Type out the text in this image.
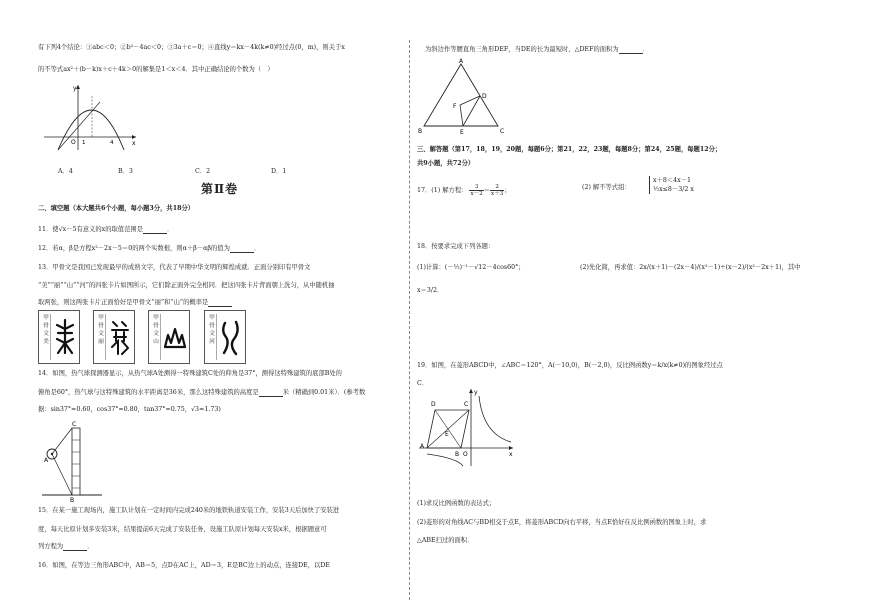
有下列4个结论：①abc＜0；②b²－4ac＜0；③3a＋c＝0；④直线y＝kx－4k(k≠0)经过点(0，m)，则关于x
的不等式ax²＋(b－k)x＋c＋4k＞0的解集是1＜x＜4．其中正确结论的个数为（　）
y
x
O 1	4
A．4	B．3	C．2	D．1
第Ⅱ卷
二、填空题（本大题共6个小题，每小题3分，共18分）
11．使√x－5有意义的x的取值范围是	．
12．若α，β是方程x²－2x－5＝0的两个实数根，则α＋β－αβ的值为	．
13．甲骨文是我国已发现最早的成熟文字，代表了早期中华文明的辉煌成就．正面分别印有甲骨文
“美”“丽”“山”“河”的四张卡片如图所示，它们除正面外完全相同．把这四张卡片背面朝上洗匀，从中随机抽
取两张，则这两张卡片正面恰好是甲骨文“丽”和“山”的概率是
甲骨文美
甲骨文丽
甲骨文山
甲骨文河
14．如图，热气球探测器显示，从热气球A处测得一特殊建筑C处的仰角是37°，测得这特殊建筑的底部B处的
俯角是60°，热气球与这特殊建筑的水平距离是36米，那么这特殊建筑的高度是	米（精确到0.01米）．(参考数
据：sin37°≈0.60，cos37°≈0.80，tan37°≈0.75，√3≈1.73)
C
A
B
15．在某一施工现场内，施工队计划在一定时间内完成240米的地铁轨道安装工作，安装3天后加快了安装进
度，每天比原计划多安装3米，结果提前6天完成了安装任务，设施工队原计划每天安装x米，根据题意可
列方程为	．
16．如图，在等边三角形ABC中，AB＝5，点D在AC上，AD＝3，E是BC边上的动点，连接DE，以DE
为斜边作等腰直角三角形DEF，当DE的长为最短时，△DEF的面积为	．
A
B	C
D
E
F
三、解答题（第17，18，19，20题，每题6分；第21，22，23题，每题8分；第24，25题，每题12分；
共9小题，共72分）
17．(1) 解方程： $\frac{3}{x-2} = \frac{2}{x+3}$ ；	(2) 解不等式组：
x＋8＜4x－1
½x≤8－3/2 x
18．按要求完成下列各题：
(1)计算：(－½)⁻¹－√12－4cos60°；	(2)先化简，再求值：2x/(x＋1)－(2x－4)/(x²－1)÷(x－2)/(x²－2x＋1)，其中
x＝3/2．
19．如图，在菱形ABCD中，∠ABC＝120°，A(－10,0)，B(－2,0)，反比例函数y＝k/x(k≠0)的图象经过点
C．
y
x
A
B
C
D
E
O
(1)求反比例函数的表达式；
(2)菱形的对角线AC与BD相交于点E，将菱形ABCD向右平移，当点E恰好在反比例函数的图象上时，求
△ABE扫过的面积．
